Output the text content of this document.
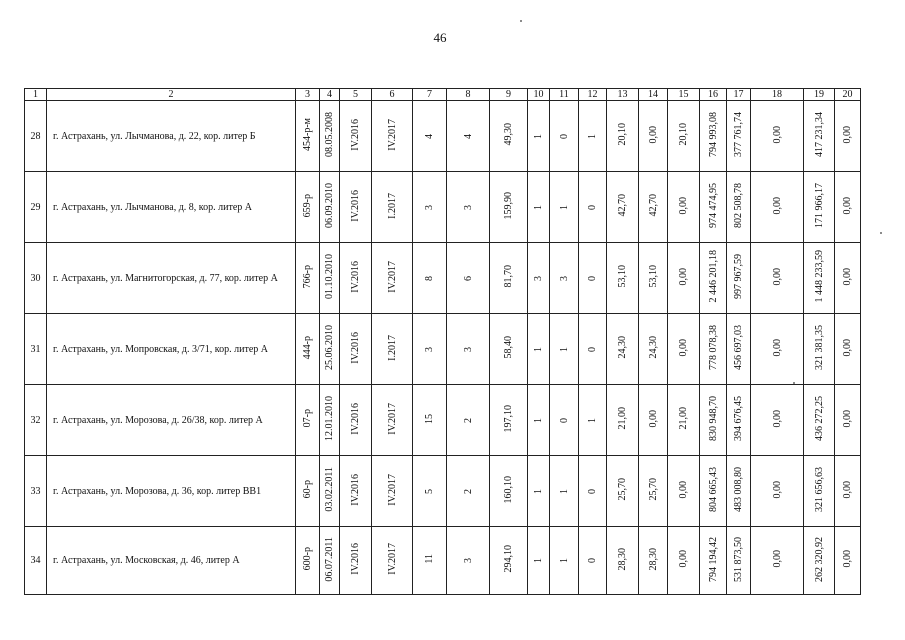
46
1	2	3	4	5	6	7	8	9	10	11	12	13	14	15	16	17	18	19	20
28	г. Астрахань, ул. Лычманова, д. 22, кор. литер Б	454-р-м	08.05.2008	IV.2016	IV.2017	4	4	49,30	1	0	1	20,10	0,00	20,10	794 993,08	377 761,74	0,00	417 231,34	0,00
29	г. Астрахань, ул. Лычманова, д. 8, кор. литер А	659-р	06.09.2010	IV.2016	I.2017	3	3	159,90	1	1	0	42,70	42,70	0,00	974 474,95	802 508,78	0,00	171 966,17	0,00
30	г. Астрахань, ул. Магнитогорская, д. 77, кор. литер А	766-р	01.10.2010	IV.2016	IV.2017	8	6	81,70	3	3	0	53,10	53,10	0,00	2 446 201,18	997 967,59	0,00	1 448 233,59	0,00
31	г. Астрахань, ул. Мопровская, д. 3/71, кор. литер А	444-р	25.06.2010	IV.2016	I.2017	3	3	58,40	1	1	0	24,30	24,30	0,00	778 078,38	456 697,03	0,00	321 381,35	0,00
32	г. Астрахань, ул. Морозова, д. 26/38, кор. литер А	07-р	12.01.2010	IV.2016	IV.2017	15	2	197,10	1	0	1	21,00	0,00	21,00	830 948,70	394 676,45	0,00	436 272,25	0,00
33	г. Астрахань, ул. Морозова, д. 36, кор. литер ВВ1	60-р	03.02.2011	IV.2016	IV.2017	5	2	160,10	1	1	0	25,70	25,70	0,00	804 665,43	483 008,80	0,00	321 656,63	0,00
34	г. Астрахань, ул. Московская, д. 46, литер А	600-р	06.07.2011	IV.2016	IV.2017	11	3	294,10	1	1	0	28,30	28,30	0,00	794 194,42	531 873,50	0,00	262 320,92	0,00
